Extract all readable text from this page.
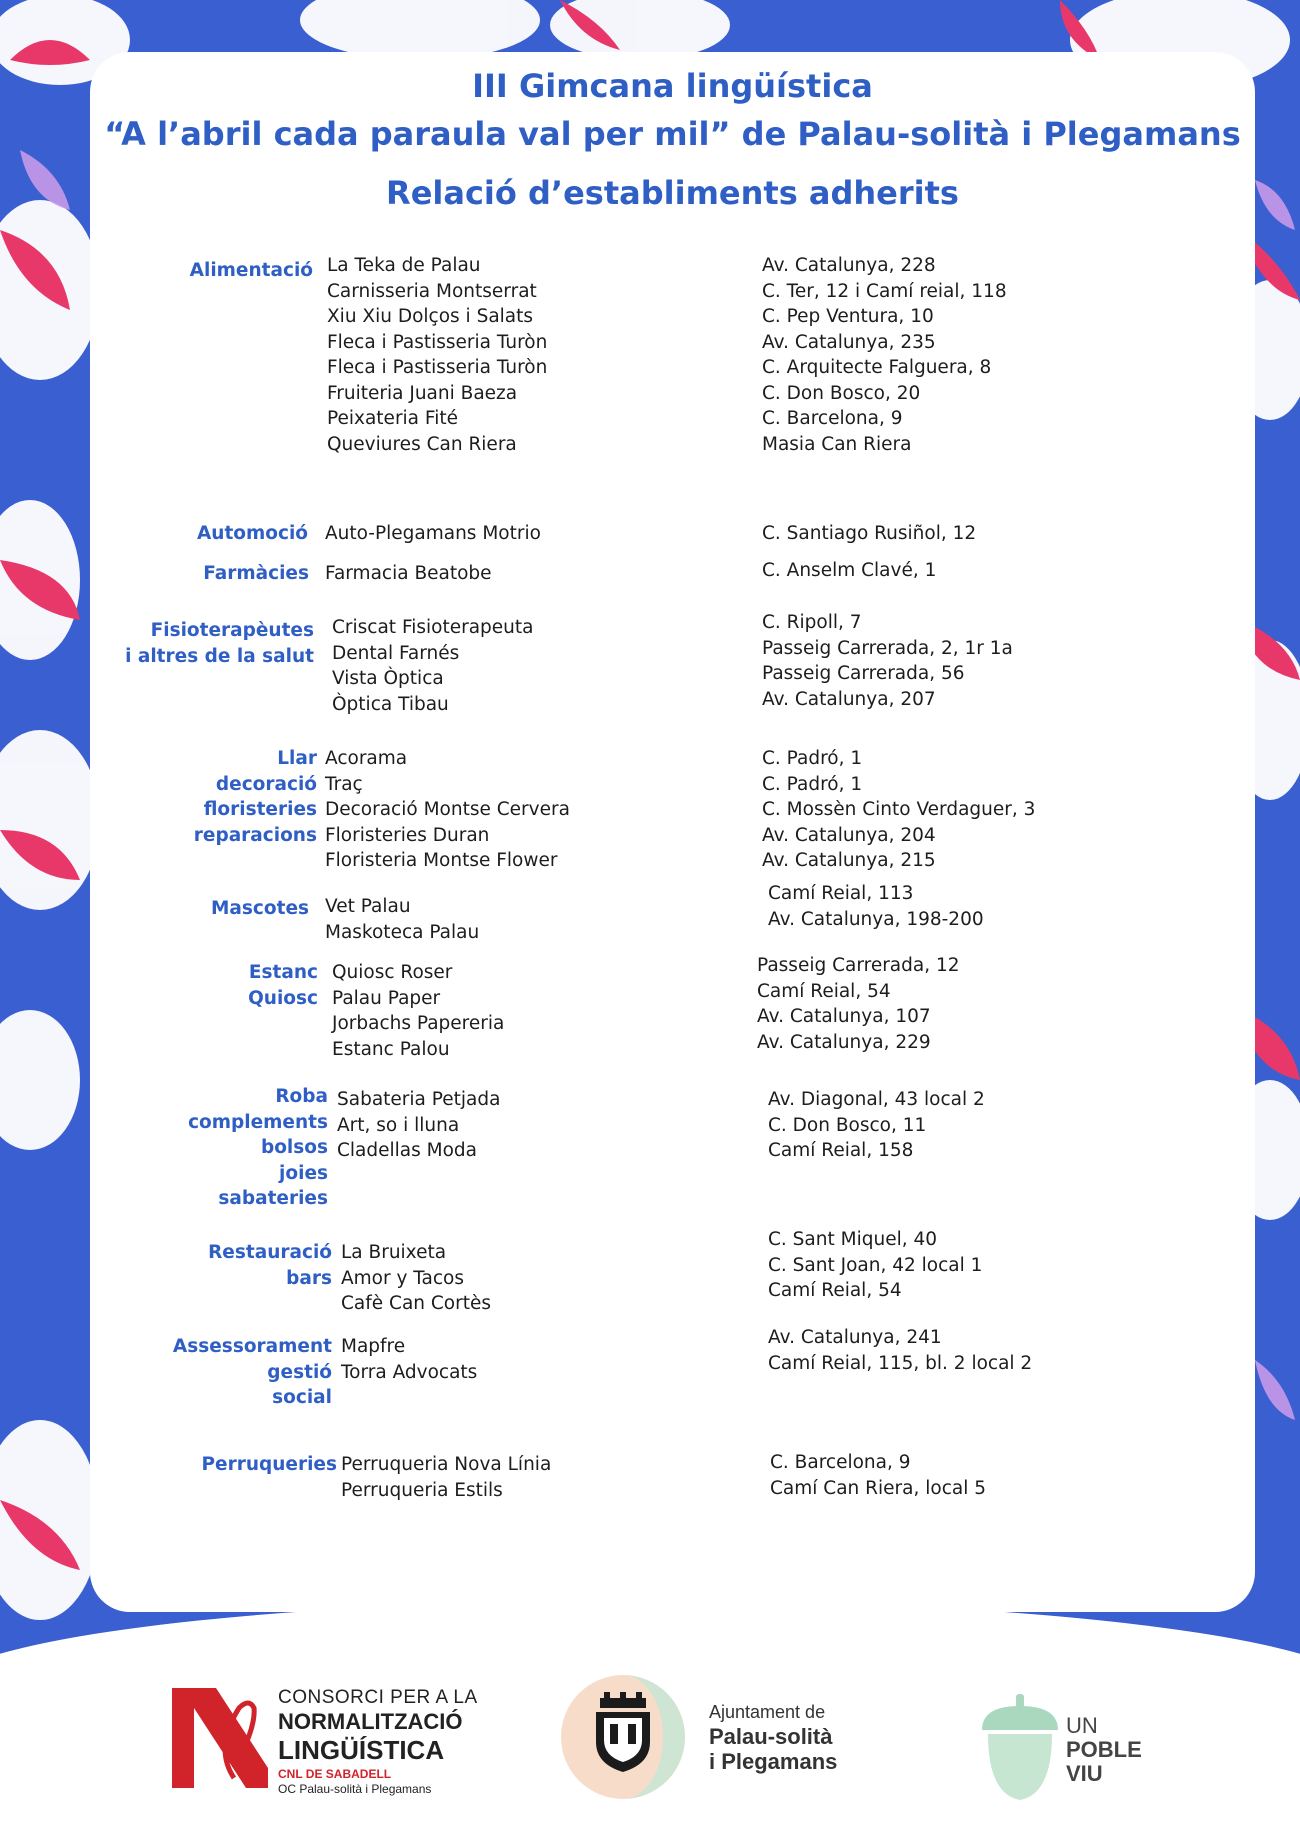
III Gimcana lingüística
“A l’abril cada paraula val per mil” de Palau-solità i Plegamans
Relació d’establiments adherits
Alimentació La Teka de Palau
Carnisseria Montserrat
Xiu Xiu Dolços i Salats
Fleca i Pastisseria Turòn
Fleca i Pastisseria Turòn
Fruiteria Juani Baeza
Peixateria Fité
Queviures Can Riera
Av. Catalunya, 228
C. Ter, 12 i Camí reial, 118
C. Pep Ventura, 10
Av. Catalunya, 235
C. Arquitecte Falguera, 8
C. Don Bosco, 20
C. Barcelona, 9
Masia Can Riera
Automoció Auto-Plegamans Motrio	C. Santiago Rusiñol, 12
Farmàcies Farmacia Beatobe	C. Anselm Clavé, 1
Fisioterapèutes
i altres de la salut
Criscat Fisioterapeuta
Dental Farnés
Vista Òptica
Òptica Tibau
C. Ripoll, 7
Passeig Carrerada, 2, 1r 1a
Passeig Carrerada, 56
Av. Catalunya, 207
Llar
decoració
floristeries
reparacions
Acorama
Traç
Decoració Montse Cervera
Floristeries Duran
Floristeria Montse Flower
C. Padró, 1
C. Padró, 1
C. Mossèn Cinto Verdaguer, 3
Av. Catalunya, 204
Av. Catalunya, 215
Mascotes Vet Palau
Maskoteca Palau
Camí Reial, 113
Av. Catalunya, 198-200
Estanc
Quiosc
Quiosc Roser
Palau Paper
Jorbachs Papereria
Estanc Palou
Passeig Carrerada, 12
Camí Reial, 54
Av. Catalunya, 107
Av. Catalunya, 229
Roba
complements
bolsos
joies
sabateries
Sabateria Petjada
Art, so i lluna
Cladellas Moda
Av. Diagonal, 43 local 2
C. Don Bosco, 11
Camí Reial, 158
Restauració
bars
La Bruixeta
Amor y Tacos
Cafè Can Cortès
C. Sant Miquel, 40
C. Sant Joan, 42 local 1
Camí Reial, 54
Assessorament
gestió
social
Mapfre
Torra Advocats
Av. Catalunya, 241
Camí Reial, 115, bl. 2 local 2
Perruqueries Perruqueria Nova Línia
Perruqueria Estils
C. Barcelona, 9
Camí Can Riera, local 5
CONSORCI PER A LA
NORMALITZACIÓ
LINGÜÍSTICA
CNL DE SABADELL
OC Palau-solità i Plegamans
Ajuntament de
Palau-solità
i Plegamans
UN
POBLE
VIU
